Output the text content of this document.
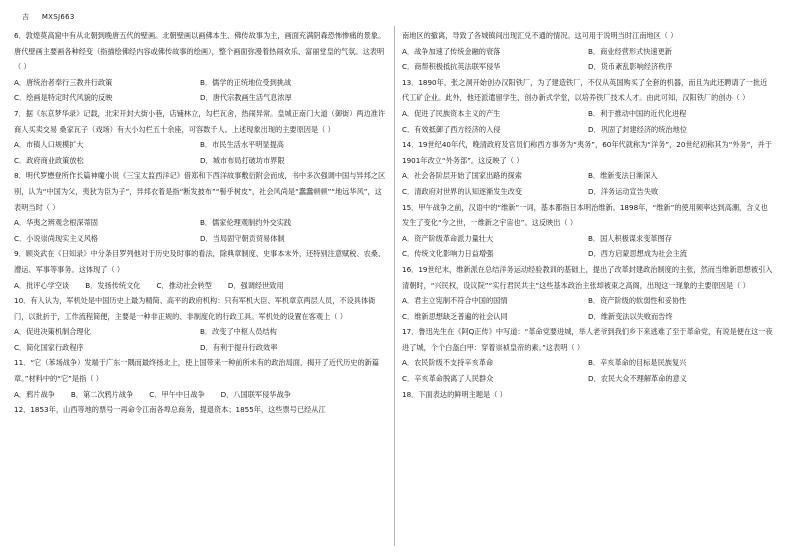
吉 MXSJ663
6．敦煌莫高窟中有从北朝到晚唐五代的壁画。北朝壁画以画佛本生、佛传故事为主，画面充满阴森恐怖惨痛的景象。唐代壁画主要画各种经变（指描绘佛经内容或佛传故事的绘画），整个画面弥漫着热闹欢乐、富丽堂皇的气氛。这表明（ ）
A．唐统治者奉行三教并行政策	B．儒学的正统地位受到挑战
C．绘画是特定时代风貌的反映	D．唐代宗教画生活气息浓厚
7．据《东京梦华录》记载，北宋开封大街小巷，店铺林立，勾栏瓦舍，热闹异常。皇城正南门大道（御街）两边准许商人买卖交易 桑家瓦子（戏场）有大小勾栏五十余座，可容数千人。上述现象出现的主要原因是（ ）
A．市镇人口规模扩大	B．市民生活水平明显提高
C．政府商业政策放松	D．城市布局打破坊市界限
8．明代罗懋登所作长篇神魔小说《三宝太监西洋记》借郑和下西洋故事敷衍附会而成，书中多次强调中国与异邦之区别，认为“中国为父，夷狄为臣为子”，异邦衣着是指“断发披布”“髻乎树皮”，社会风尚是“蠢蠢顿顿”“地远华风”，这表明当时（ ）
A．华夷之辨观念根深蒂固	B．儒家伦理观制约外交实践
C．小说崇尚现实主义风格	D．当局固守朝贡贸易体制
9．顾炎武在《日知录》中分条目罗列他对于历史及时事的看法，除典章制度、史事本末外，还特别注意赋税、农桑、漕运、军事等事务。这体现了（ ）
A．批评心学空谈 B．发扬传统文化 C．推动社会转型 D．强调经世致用
10．有人认为，军机处是中国历史上最为精简、高平的政府机构：只有军机大臣、军机章京两层人员，不设具体衙门，以批折于，工作流程简便，主要是一种非正规的、非制度化的行政工具。军机处的设置在客观上（ ）
A．促进决策机制合理化	B．改变了中枢人员结构
C．简化国家行政程序	D．有利于提升行政效率
11．“它（苯场战争）发端于广东一隅而最终扬北上，使上国带来一种前所未有的政治局面，揭开了近代历史的新篇章。”材料中的“它”是指（ ）
A．鸦片战争 B．第二次鸦片战争 C．甲午中日战争 D．八国联军侵华战争
12．1853年，山西等地的票号一再命令江南各埠总商务，提退资本；1855年，这些票号已经从江
南地区的撤离，导致了各城镇间出现汇兑不通的情况。这可用于说明当时江南地区（ ）
A．战争加速了传统金融的衰落	B．商业经营形式快速更新
C．商帮积极抵抗英法联军侵华	D．货币紊乱影响经济秩序
13．1890年，张之洞开始创办汉阳铁厂，为了建造铁厂，不仅从英国购买了全套的机器，而且为此还聘请了一批近代工矿企业。此外，他还派遣留学生，创办新式学堂，以培养铁厂技术人才。由此可知，汉阳铁厂的创办（ ）
A．促进了民族资本主义的产生	B．利于推动中国的近代化进程
C．有效抵御了西方经济的入侵	D．巩固了封建经济的统治地位
14．19世纪40年代，晚清政府及官员们称西方事务为“夷务”，60年代就称为“洋务”，20世纪初称其为“外务”，并于1901年改立“外务部”。这反映了（ ）
A．社会各阶层开始了国家出路的探索	B．维新变法日渐深入
C．清政府对世界的认知逐渐发生改变	D．洋务运动宣告失败
15．甲午战争之前，汉语中的“维新”一词，基本都指日本明治维新。1898年，“维新”的使用频率达到高潮，含义也发生了变化“今之世，一维新之宇宙也”。这反映出（ ）
A．资产阶级革命派力量壮大	B．国人积极谋求变革图存
C．传统文化影响力日益增强	D．西方启蒙思想成为社会主流
16．19世纪末，维新派在总结洋务运动经验教训的基础上，提出了改革封建政治制度的主张，然而当维新思想被引入清朝时，“兴民权，设议院”“实行君民共主”这些基本政治主张却被束之高阁，出现这一现象的主要原因是（ ）
A．君主立宪制不符合中国的国情	B．资产阶级的软弱性和妥协性
C．维新思想缺乏普遍的社会认同	D．维新变法以失败而告终
17．鲁迅先生在《阿Q正传》中写道：“革命党要进城，举人老爷到我们乡下来逃难了至于革命党，有说是便在这一夜进了城，个个白盔白甲：穿着崇祯皇帝的素。”这表明（ ）
A．农民阶级不支持辛亥革命	B．辛亥革命的目标是民族复兴
C．辛亥革命脱离了人民群众	D．农民大众不理解革命的意义
18．下面表达的鲜明主题是（ ）
